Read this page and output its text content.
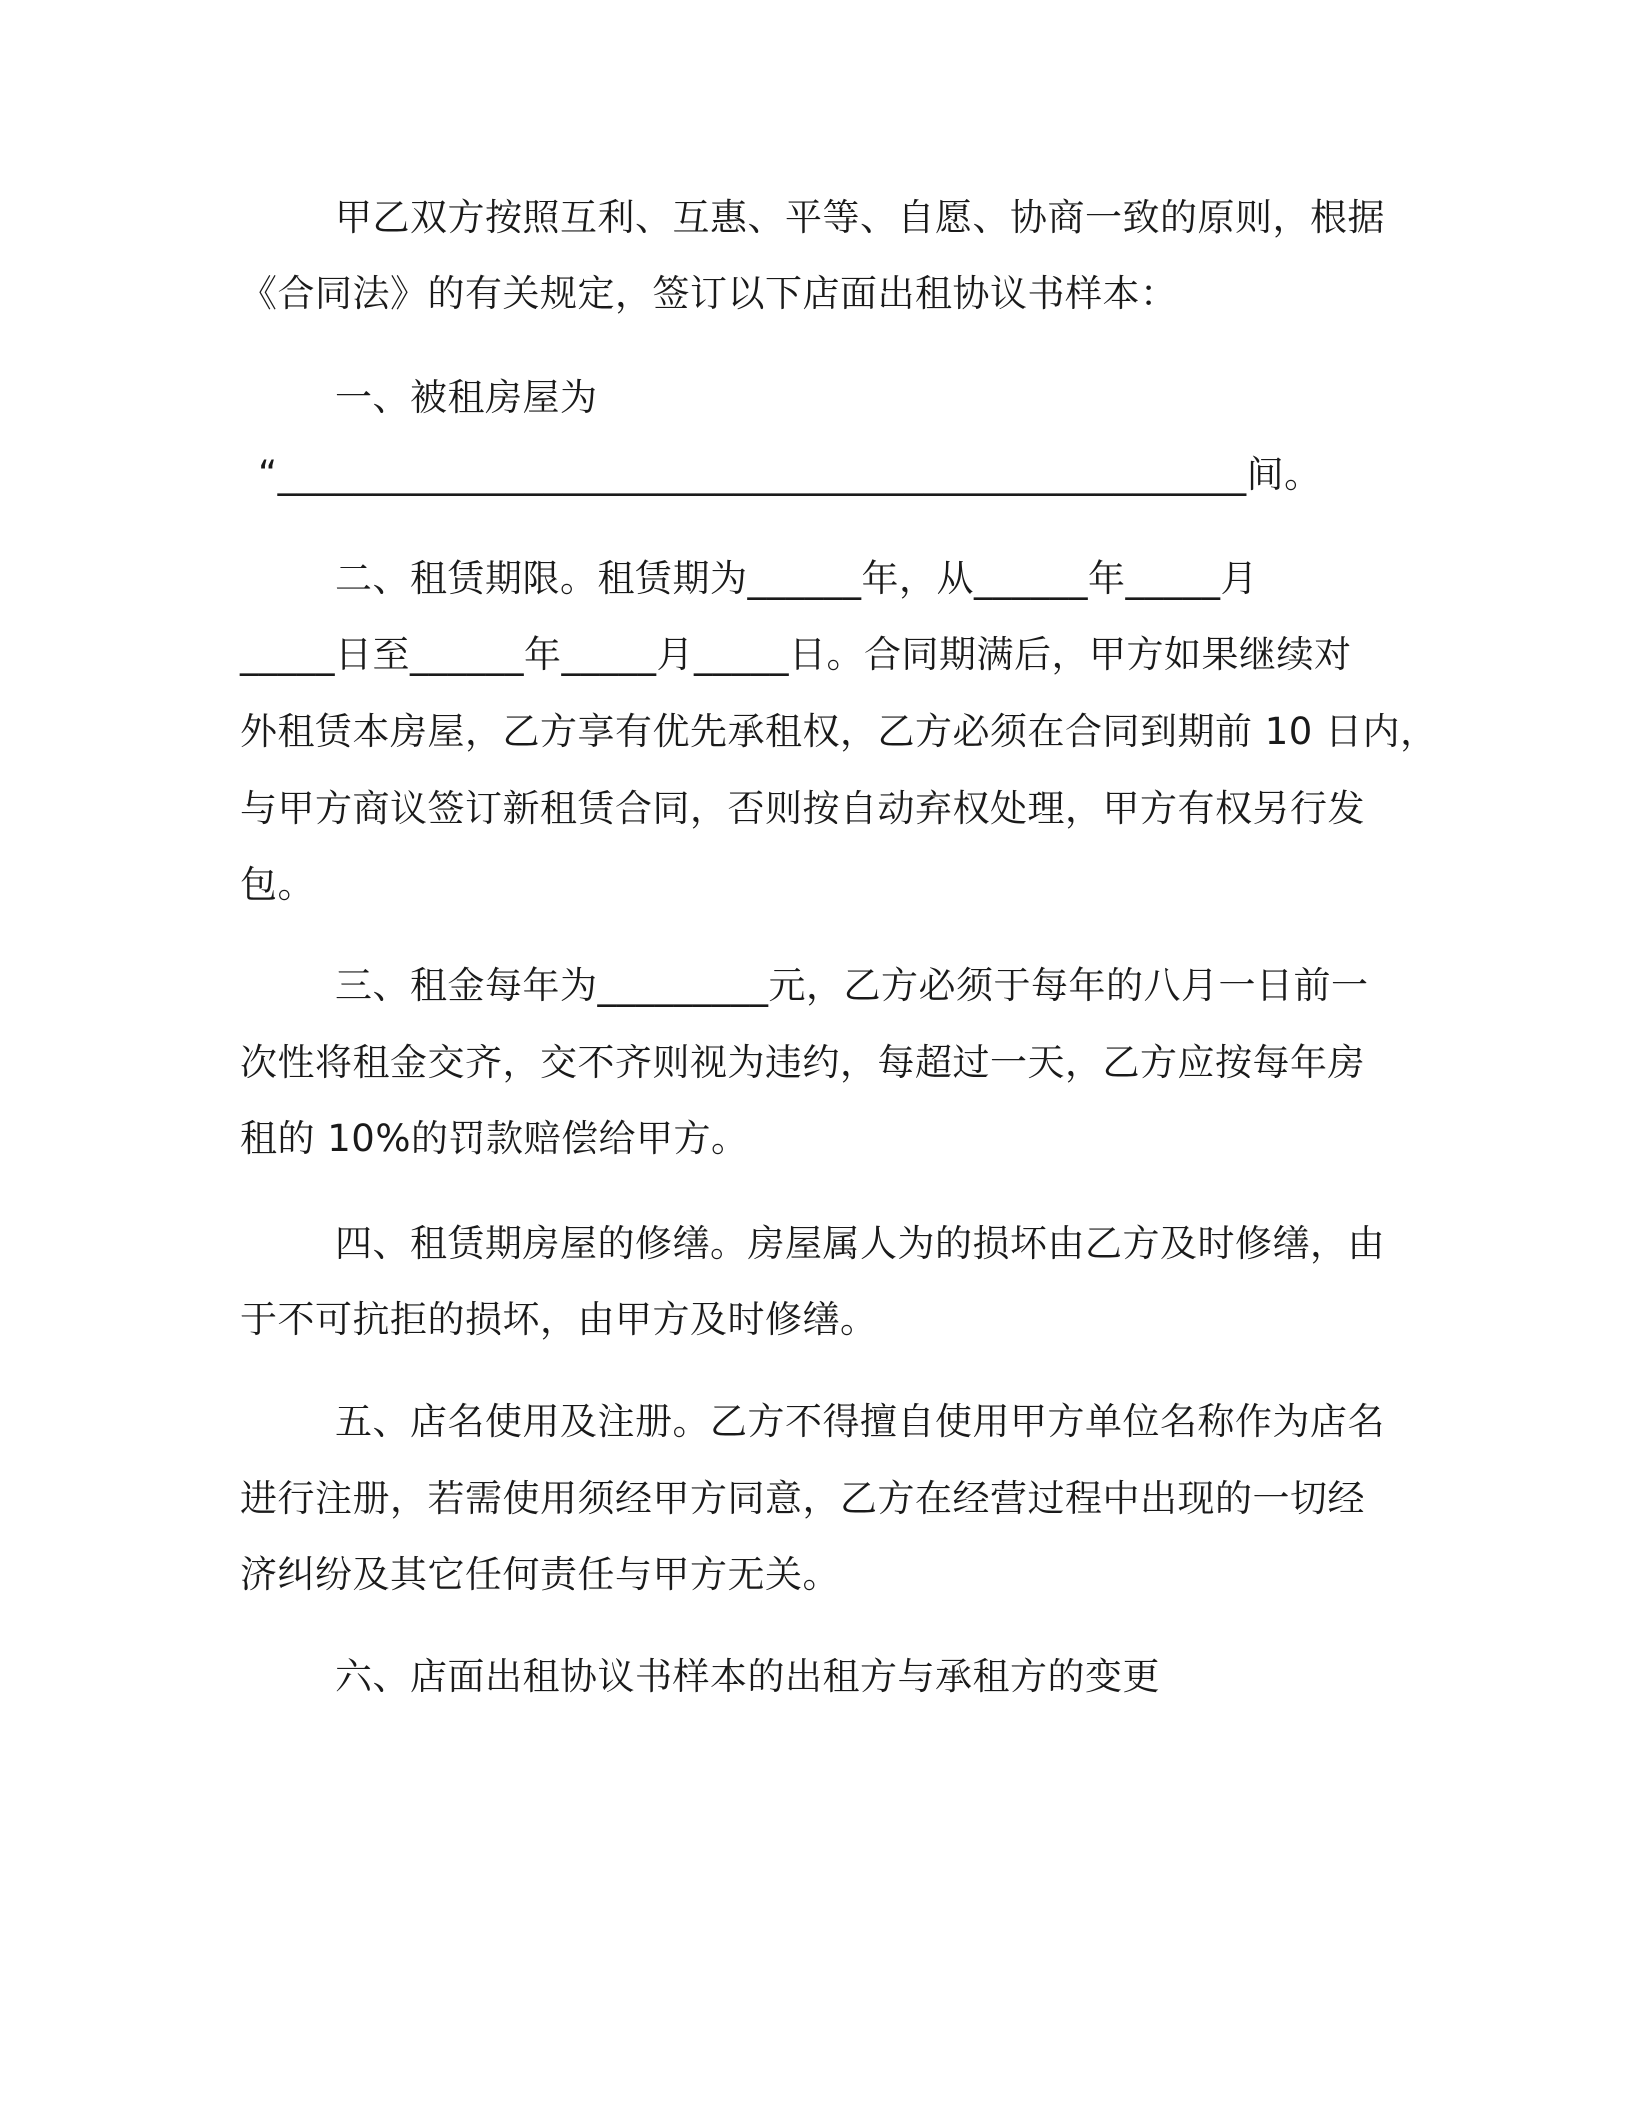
甲乙双方按照互利、互惠、平等、自愿、协商一致的原则，根据
《合同法》的有关规定，签订以下店面出租协议书样本：
一、被租房屋为
“___________________________________________________间。
二、租赁期限。租赁期为______年，从______年_____月
_____日至______年_____月_____日。合同期满后，甲方如果继续对
外租赁本房屋，乙方享有优先承租权，乙方必须在合同到期前 10 日内，
与甲方商议签订新租赁合同，否则按自动弃权处理，甲方有权另行发
包。
三、租金每年为_________元，乙方必须于每年的八月一日前一
次性将租金交齐，交不齐则视为违约，每超过一天，乙方应按每年房
租的 10%的罚款赔偿给甲方。
四、租赁期房屋的修缮。房屋属人为的损坏由乙方及时修缮，由
于不可抗拒的损坏，由甲方及时修缮。
五、店名使用及注册。乙方不得擅自使用甲方单位名称作为店名
进行注册，若需使用须经甲方同意，乙方在经营过程中出现的一切经
济纠纷及其它任何责任与甲方无关。
六、店面出租协议书样本的出租方与承租方的变更
